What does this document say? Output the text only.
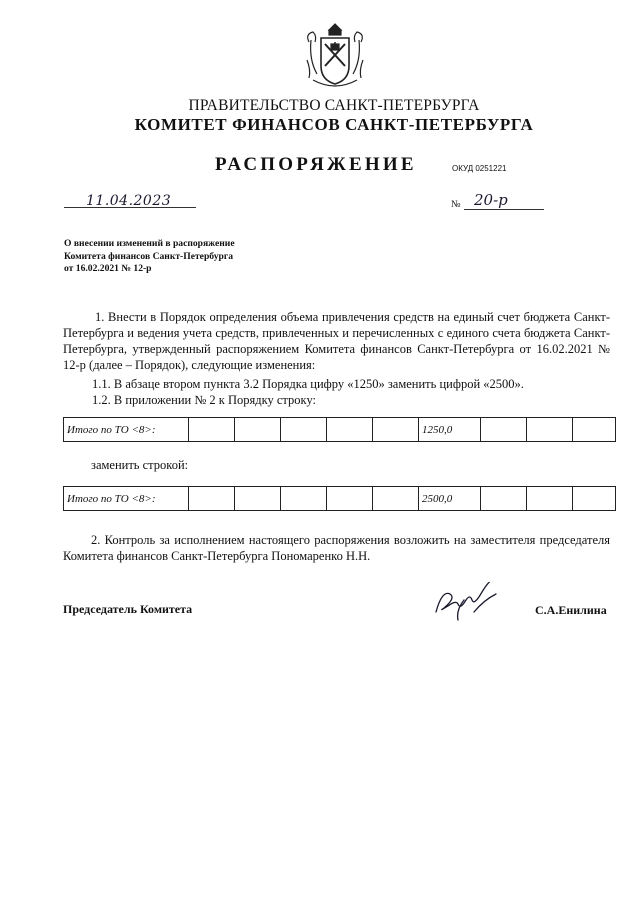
ПРАВИТЕЛЬСТВО САНКТ-ПЕТЕРБУРГА
КОМИТЕТ ФИНАНСОВ САНКТ-ПЕТЕРБУРГА
РАСПОРЯЖЕНИЕ	ОКУД 0251221
11.04.2023	№ 20-р
О внесении изменений в распоряжение
Комитета финансов Санкт-Петербурга
от 16.02.2021 № 12-р
1. Внести в Порядок определения объема привлечения средств на единый счет бюджета Санкт-Петербурга и ведения учета средств, привлеченных и перечисленных с единого счета бюджета Санкт-Петербурга, утвержденный распоряжением Комитета финансов Санкт-Петербурга от 16.02.2021 № 12-р (далее – Порядок), следующие изменения:
1.1. В абзаце втором пункта 3.2 Порядка цифру «1250» заменить цифрой «2500».
1.2. В приложении № 2 к Порядку строку:
Итого по ТО <8>:						1250,0			
заменить строкой:
Итого по ТО <8>:						2500,0			
2. Контроль за исполнением настоящего распоряжения возложить на заместителя председателя Комитета финансов Санкт-Петербурга Пономаренко Н.Н.
Председатель Комитета	С.А.Енилина
